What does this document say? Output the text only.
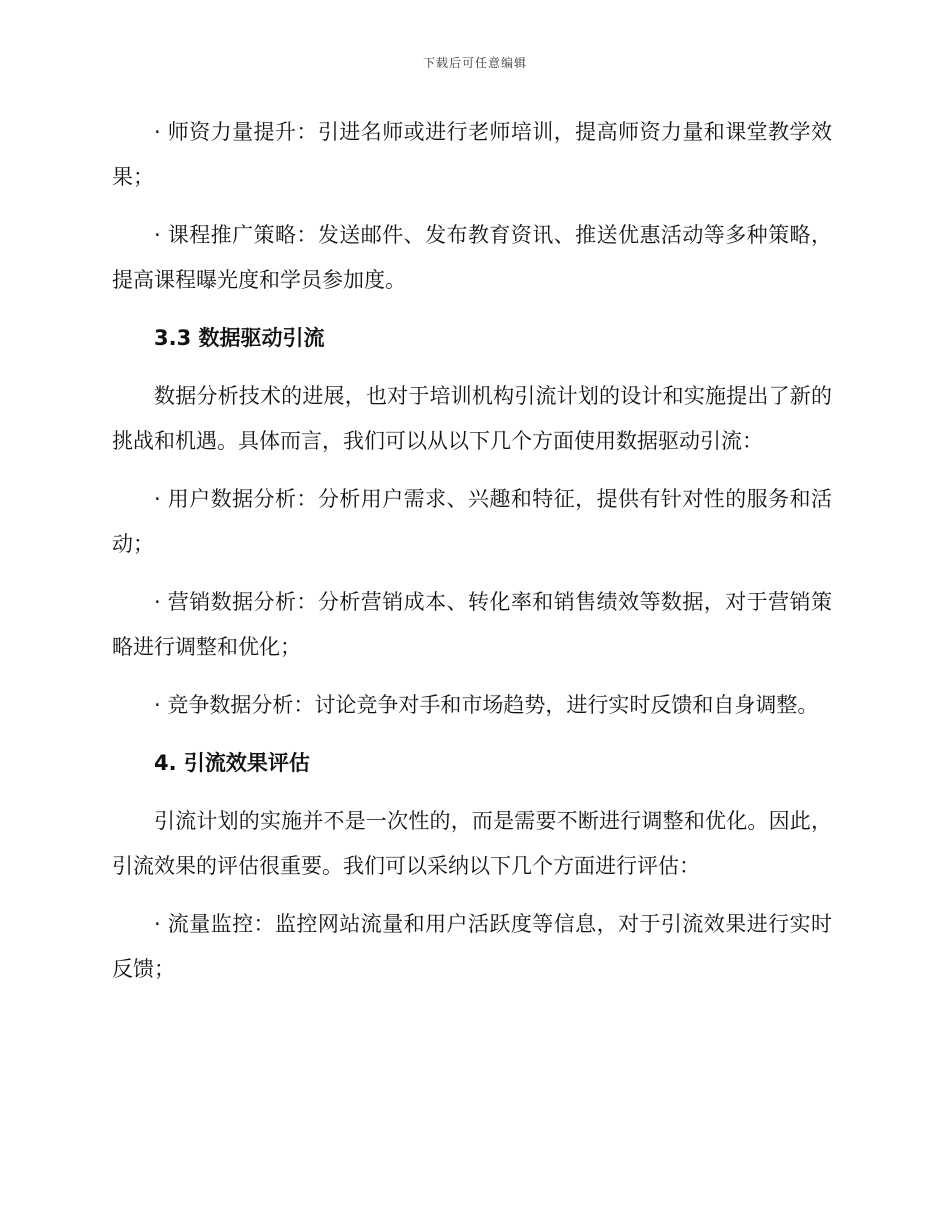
下载后可任意编辑

· 师资力量提升：引进名师或进行老师培训，提高师资力量和课堂教学效果；

· 课程推广策略：发送邮件、发布教育资讯、推送优惠活动等多种策略，提高课程曝光度和学员参加度。

3.3 数据驱动引流

数据分析技术的进展，也对于培训机构引流计划的设计和实施提出了新的挑战和机遇。具体而言，我们可以从以下几个方面使用数据驱动引流：

· 用户数据分析：分析用户需求、兴趣和特征，提供有针对性的服务和活动；

· 营销数据分析：分析营销成本、转化率和销售绩效等数据，对于营销策略进行调整和优化；

· 竞争数据分析：讨论竞争对手和市场趋势，进行实时反馈和自身调整。

4. 引流效果评估

引流计划的实施并不是一次性的，而是需要不断进行调整和优化。因此，引流效果的评估很重要。我们可以采纳以下几个方面进行评估：

· 流量监控：监控网站流量和用户活跃度等信息，对于引流效果进行实时反馈；
